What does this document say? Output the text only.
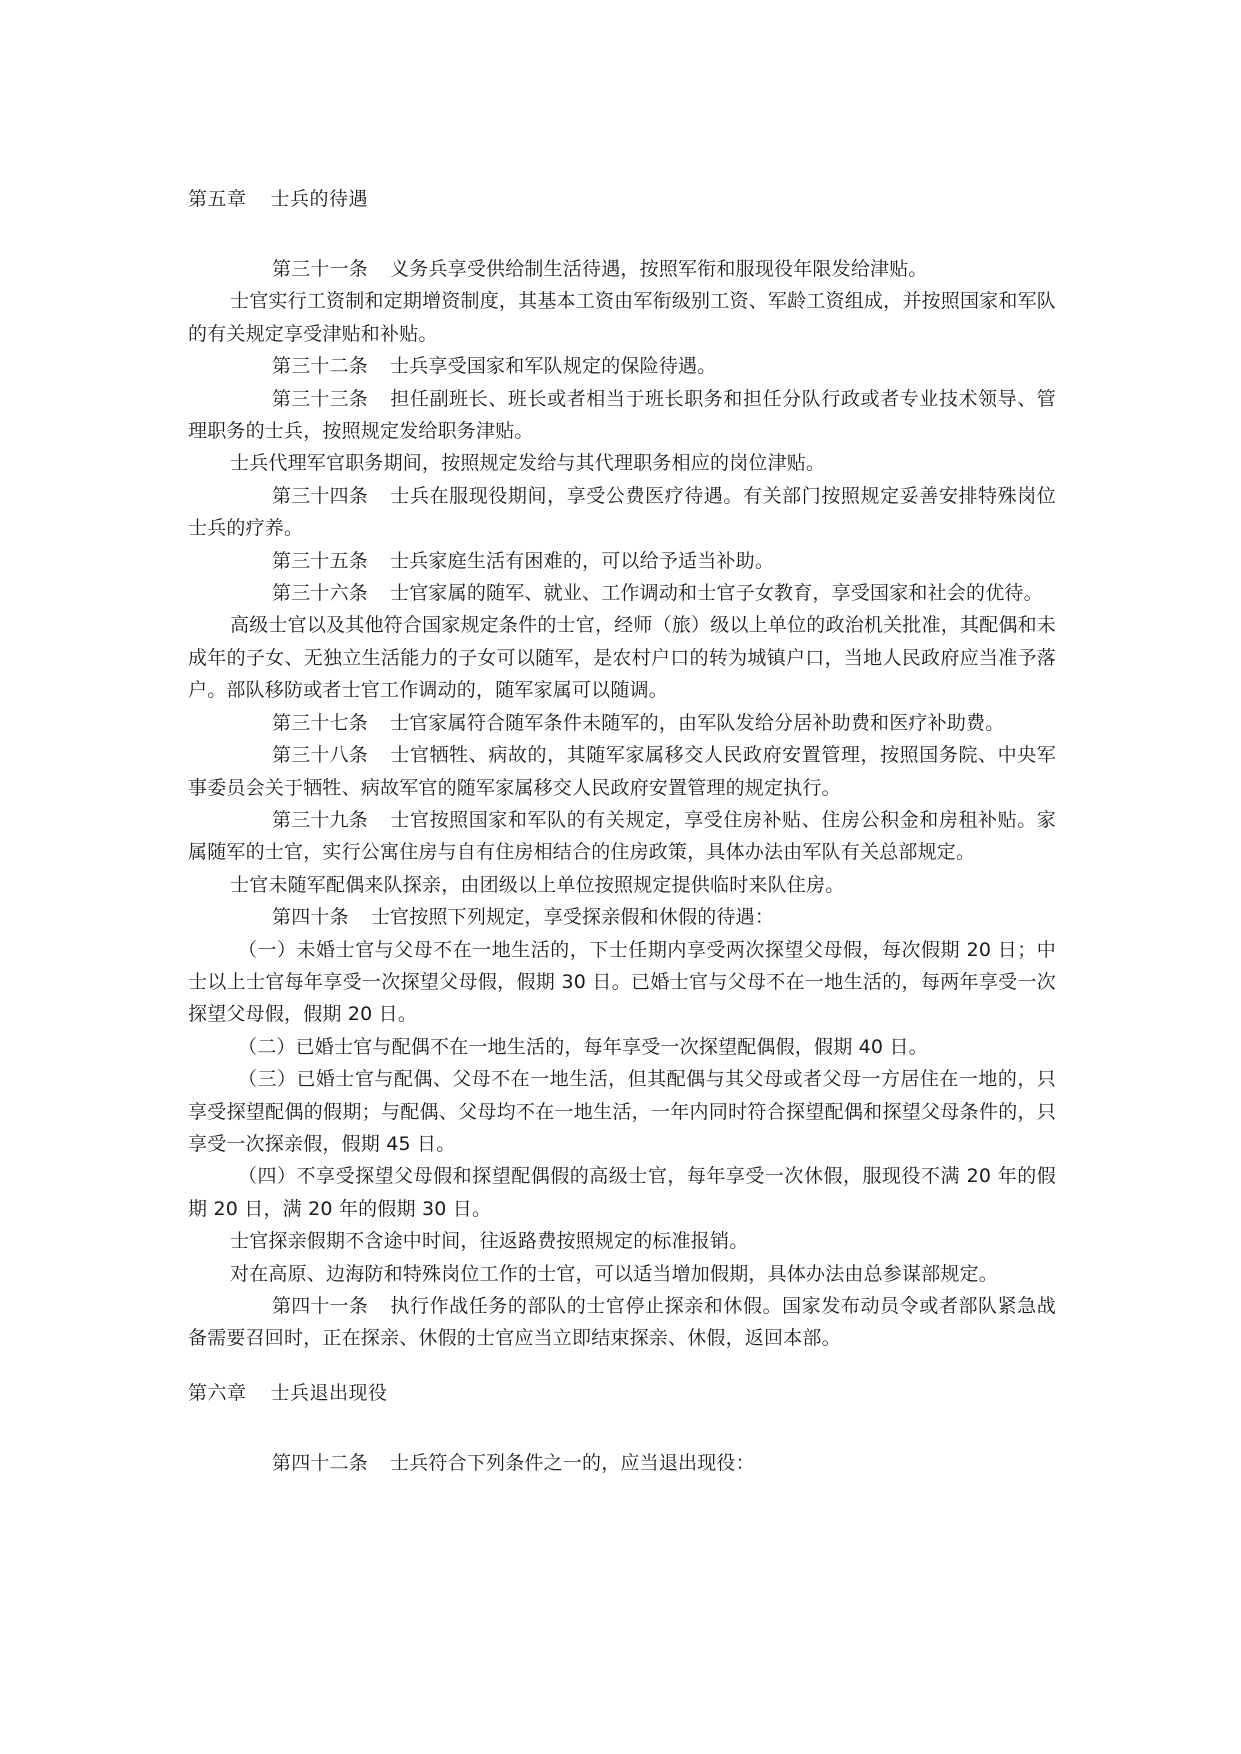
第五章 士兵的待遇

第三十一条 义务兵享受供给制生活待遇，按照军衔和服现役年限发给津贴。

士官实行工资制和定期增资制度，其基本工资由军衔级别工资、军龄工资组成，并按照国家和军队的有关规定享受津贴和补贴。

第三十二条 士兵享受国家和军队规定的保险待遇。

第三十三条 担任副班长、班长或者相当于班长职务和担任分队行政或者专业技术领导、管理职务的士兵，按照规定发给职务津贴。

士兵代理军官职务期间，按照规定发给与其代理职务相应的岗位津贴。

第三十四条 士兵在服现役期间，享受公费医疗待遇。有关部门按照规定妥善安排特殊岗位士兵的疗养。

第三十五条 士兵家庭生活有困难的，可以给予适当补助。

第三十六条 士官家属的随军、就业、工作调动和士官子女教育，享受国家和社会的优待。

高级士官以及其他符合国家规定条件的士官，经师（旅）级以上单位的政治机关批准，其配偶和未成年的子女、无独立生活能力的子女可以随军，是农村户口的转为城镇户口，当地人民政府应当准予落户。部队移防或者士官工作调动的，随军家属可以随调。

第三十七条 士官家属符合随军条件未随军的，由军队发给分居补助费和医疗补助费。

第三十八条 士官牺牲、病故的，其随军家属移交人民政府安置管理，按照国务院、中央军事委员会关于牺牲、病故军官的随军家属移交人民政府安置管理的规定执行。

第三十九条 士官按照国家和军队的有关规定，享受住房补贴、住房公积金和房租补贴。家属随军的士官，实行公寓住房与自有住房相结合的住房政策，具体办法由军队有关总部规定。

士官未随军配偶来队探亲，由团级以上单位按照规定提供临时来队住房。

第四十条 士官按照下列规定，享受探亲假和休假的待遇：

（一）未婚士官与父母不在一地生活的，下士任期内享受两次探望父母假，每次假期 20 日；中士以上士官每年享受一次探望父母假，假期 30 日。已婚士官与父母不在一地生活的，每两年享受一次探望父母假，假期 20 日。

（二）已婚士官与配偶不在一地生活的，每年享受一次探望配偶假，假期 40 日。

（三）已婚士官与配偶、父母不在一地生活，但其配偶与其父母或者父母一方居住在一地的，只享受探望配偶的假期；与配偶、父母均不在一地生活，一年内同时符合探望配偶和探望父母条件的，只享受一次探亲假，假期 45 日。

（四）不享受探望父母假和探望配偶假的高级士官，每年享受一次休假，服现役不满 20 年的假期 20 日，满 20 年的假期 30 日。

士官探亲假期不含途中时间，往返路费按照规定的标准报销。

对在高原、边海防和特殊岗位工作的士官，可以适当增加假期，具体办法由总参谋部规定。

第四十一条 执行作战任务的部队的士官停止探亲和休假。国家发布动员令或者部队紧急战备需要召回时，正在探亲、休假的士官应当立即结束探亲、休假，返回本部。

第六章 士兵退出现役

第四十二条 士兵符合下列条件之一的，应当退出现役：
